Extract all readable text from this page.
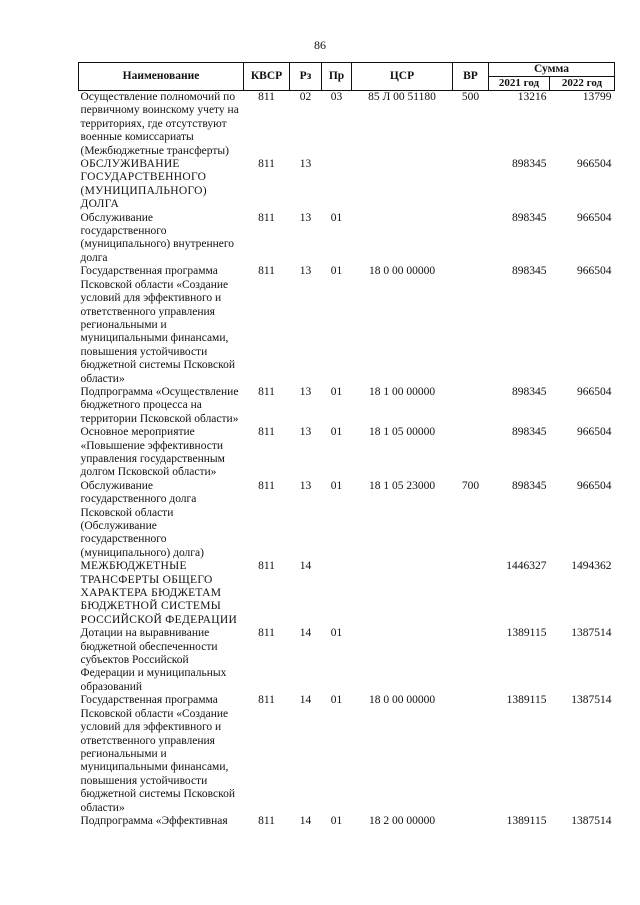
86
Наименование	КВСР	Рз	Пр	ЦСР	ВР	Сумма	
						2021 год	2022 год
Осуществление полномочий по первичному воинскому учету на территориях, где отсутствуют военные комиссариаты (Межбюджетные трансферты)	811	02	03	85 Л 00 51180	500	13216	13799
ОБСЛУЖИВАНИЕ ГОСУДАРСТВЕННОГО (МУНИЦИПАЛЬНОГО) ДОЛГА	811	13				898345	966504
Обслуживание государственного (муниципального) внутреннего долга	811	13	01			898345	966504
Государственная программа Псковской области «Создание условий для эффективного и ответственного управления региональными и муниципальными финансами, повышения устойчивости бюджетной системы Псковской области»	811	13	01	18 0 00 00000		898345	966504
Подпрограмма «Осуществление бюджетного процесса на территории Псковской области»	811	13	01	18 1 00 00000		898345	966504
Основное мероприятие «Повышение эффективности управления государственным долгом Псковской области»	811	13	01	18 1 05 00000		898345	966504
Обслуживание государственного долга Псковской области (Обслуживание государственного (муниципального) долга)	811	13	01	18 1 05 23000	700	898345	966504
МЕЖБЮДЖЕТНЫЕ ТРАНСФЕРТЫ ОБЩЕГО ХАРАКТЕРА БЮДЖЕТАМ БЮДЖЕТНОЙ СИСТЕМЫ РОССИЙСКОЙ ФЕДЕРАЦИИ	811	14				1446327	1494362
Дотации на выравнивание бюджетной обеспеченности субъектов Российской Федерации и муниципальных образований	811	14	01			1389115	1387514
Государственная программа Псковской области «Создание условий для эффективного и ответственного управления региональными и муниципальными финансами, повышения устойчивости бюджетной системы Псковской области»	811	14	01	18 0 00 00000		1389115	1387514
Подпрограмма «Эффективная	811	14	01	18 2 00 00000		1389115	1387514
